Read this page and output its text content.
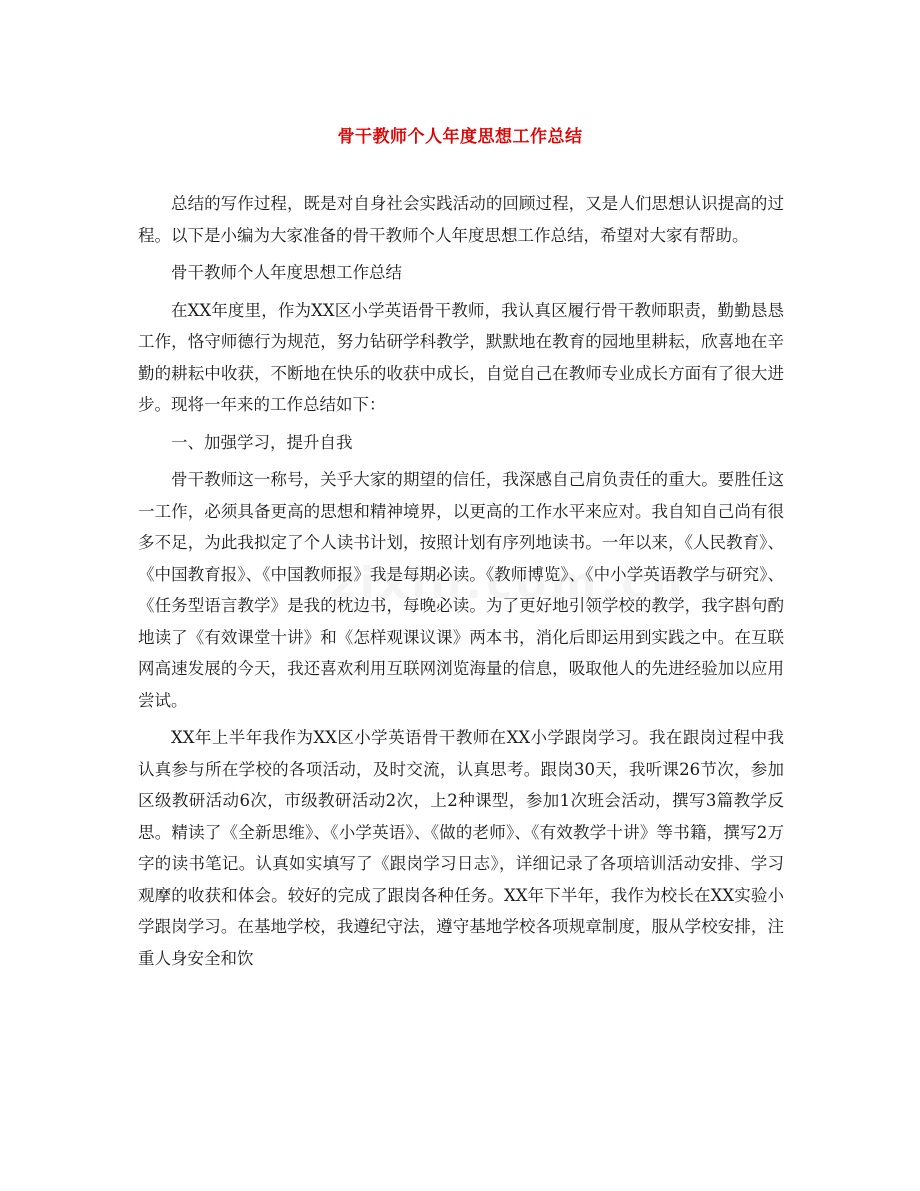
骨干教师个人年度思想工作总结

总结的写作过程，既是对自身社会实践活动的回顾过程，又是人们思想认识提高的过程。以下是小编为大家准备的骨干教师个人年度思想工作总结，希望对大家有帮助。

骨干教师个人年度思想工作总结

在XX年度里，作为XX区小学英语骨干教师，我认真区履行骨干教师职责，勤勤恳恳工作，恪守师德行为规范，努力钻研学科教学，默默地在教育的园地里耕耘，欣喜地在辛勤的耕耘中收获，不断地在快乐的收获中成长，自觉自己在教师专业成长方面有了很大进步。现将一年来的工作总结如下：

一、加强学习，提升自我

骨干教师这一称号，关乎大家的期望的信任，我深感自己肩负责任的重大。要胜任这一工作，必须具备更高的思想和精神境界，以更高的工作水平来应对。我自知自己尚有很多不足，为此我拟定了个人读书计划，按照计划有序列地读书。一年以来，《人民教育》、《中国教育报》、《中国教师报》我是每期必读。《教师博览》、《中小学英语教学与研究》、《任务型语言教学》是我的枕边书，每晚必读。为了更好地引领学校的教学，我字斟句酌地读了《有效课堂十讲》和《怎样观课议课》两本书，消化后即运用到实践之中。在互联网高速发展的今天，我还喜欢利用互联网浏览海量的信息，吸取他人的先进经验加以应用尝试。

XX年上半年我作为XX区小学英语骨干教师在XX小学跟岗学习。我在跟岗过程中我认真参与所在学校的各项活动，及时交流，认真思考。跟岗30天，我听课26节次，参加区级教研活动6次，市级教研活动2次，上2种课型，参加1次班会活动，撰写3篇教学反思。精读了《全新思维》、《小学英语》、《做的老师》、《有效教学十讲》等书籍，撰写2万字的读书笔记。认真如实填写了《跟岗学习日志》，详细记录了各项培训活动安排、学习观摩的收获和体会。较好的完成了跟岗各种任务。XX年下半年，我作为校长在XX实验小学跟岗学习。在基地学校，我遵纪守法，遵守基地学校各项规章制度，服从学校安排，注重人身安全和饮
